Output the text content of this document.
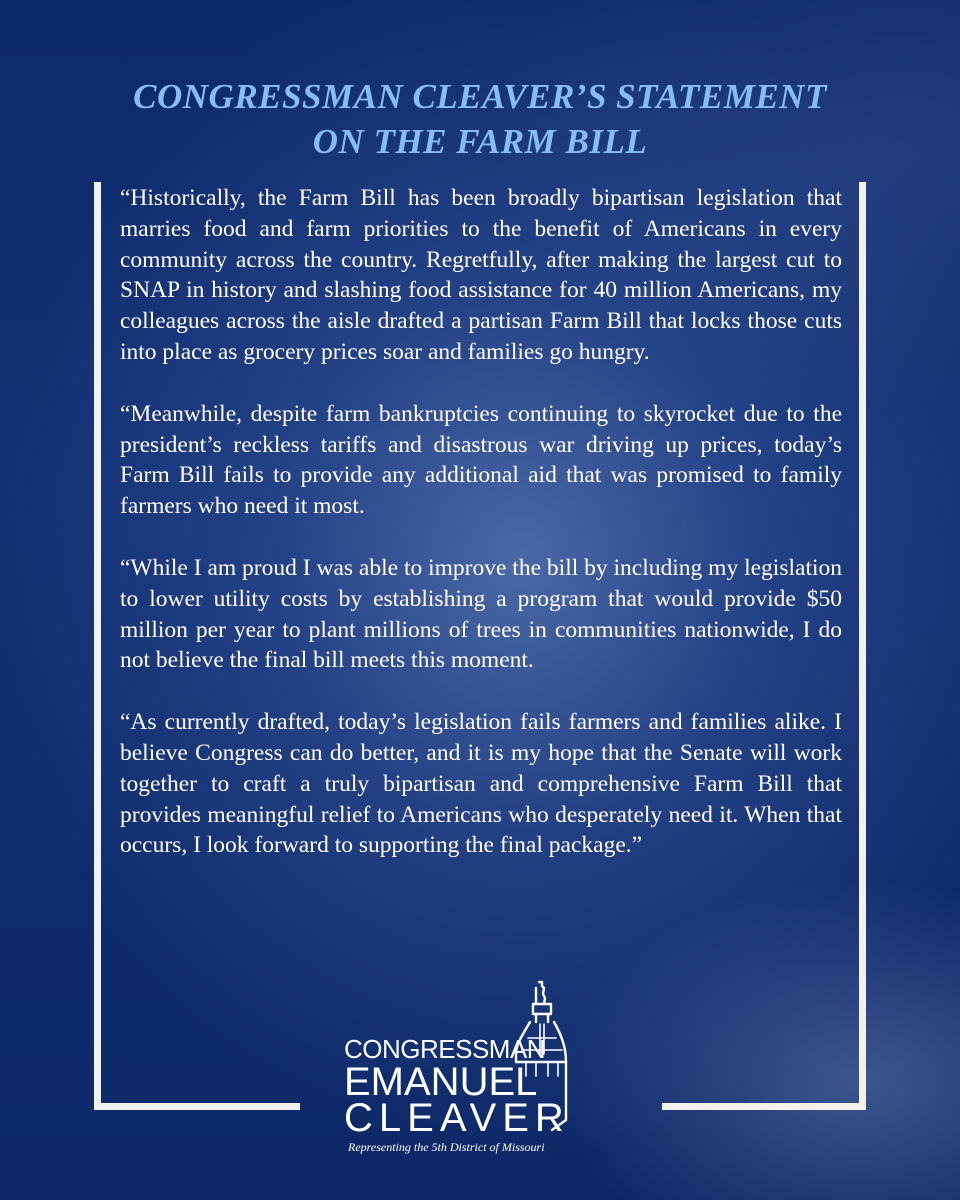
CONGRESSMAN CLEAVER’S STATEMENT
ON THE FARM BILL

“Historically, the Farm Bill has been broadly bipartisan legislation that marries food and farm priorities to the benefit of Americans in every community across the country. Regretfully, after making the largest cut to SNAP in history and slashing food assistance for 40 million Americans, my colleagues across the aisle drafted a partisan Farm Bill that locks those cuts into place as grocery prices soar and families go hungry.

“Meanwhile, despite farm bankruptcies continuing to skyrocket due to the president’s reckless tariffs and disastrous war driving up prices, today’s Farm Bill fails to provide any additional aid that was promised to family farmers who need it most.

“While I am proud I was able to improve the bill by including my legislation to lower utility costs by establishing a program that would provide $50 million per year to plant millions of trees in communities nationwide, I do not believe the final bill meets this moment.

“As currently drafted, today’s legislation fails farmers and families alike. I believe Congress can do better, and it is my hope that the Senate will work together to craft a truly bipartisan and comprehensive Farm Bill that provides meaningful relief to Americans who desperately need it. When that occurs, I look forward to supporting the final package.”

CONGRESSMAN
EMANUEL
CLEAVER
Representing the 5th District of Missouri
